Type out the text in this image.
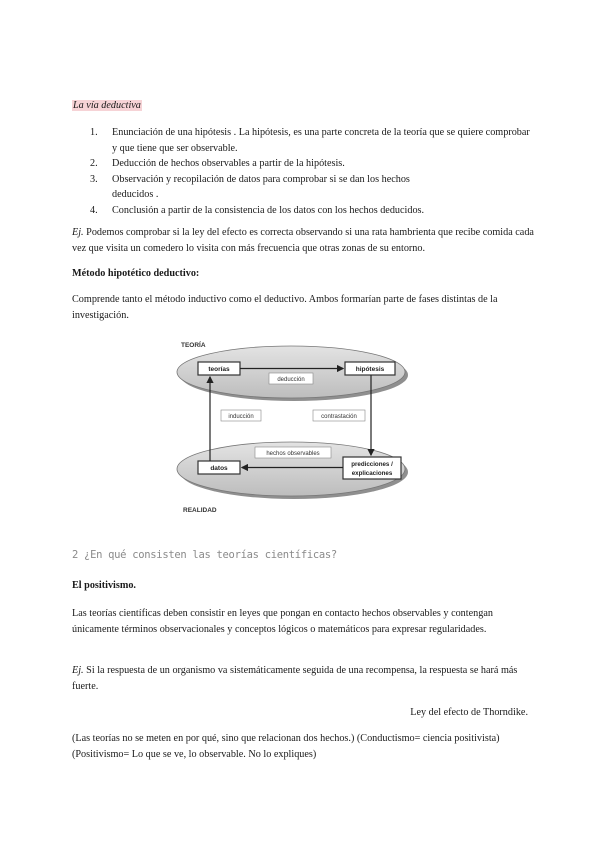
La vía deductiva
1. Enunciación de una hipótesis . La hipótesis, es una parte concreta de la teoría que se quiere comprobar y que tiene que ser observable.
2. Deducción de hechos observables a partir de la hipótesis.
3. Observación y recopilación de datos para comprobar si se dan los hechos deducidos .
4. Conclusión a partir de la consistencia de los datos con los hechos deducidos.
Ej. Podemos comprobar si la ley del efecto es correcta observando si una rata hambrienta que recibe comida cada vez que visita un comedero lo visita con más frecuencia que otras zonas de su entorno.
Método hipotético deductivo:
Comprende tanto el método inductivo como el deductivo. Ambos formarían parte de fases distintas de la investigación.
TEORÍA
REALIDAD
teorías	hipótesis
datos
predicciones /
explicaciones
deducción
inducción	contrastación
hechos observables
2 ¿En qué consisten las teorías científicas?
El positivismo.
Las teorías científicas deben consistir en leyes que pongan en contacto hechos observables y contengan únicamente términos observacionales y conceptos lógicos o matemáticos para expresar regularidades.
Ej. Si la respuesta de un organismo va sistemáticamente seguida de una recompensa, la respuesta se hará más fuerte.
Ley del efecto de Thorndike.
(Las teorías no se meten en por qué, sino que relacionan dos hechos.) (Conductismo= ciencia positivista) (Positivismo= Lo que se ve, lo observable. No lo expliques)
